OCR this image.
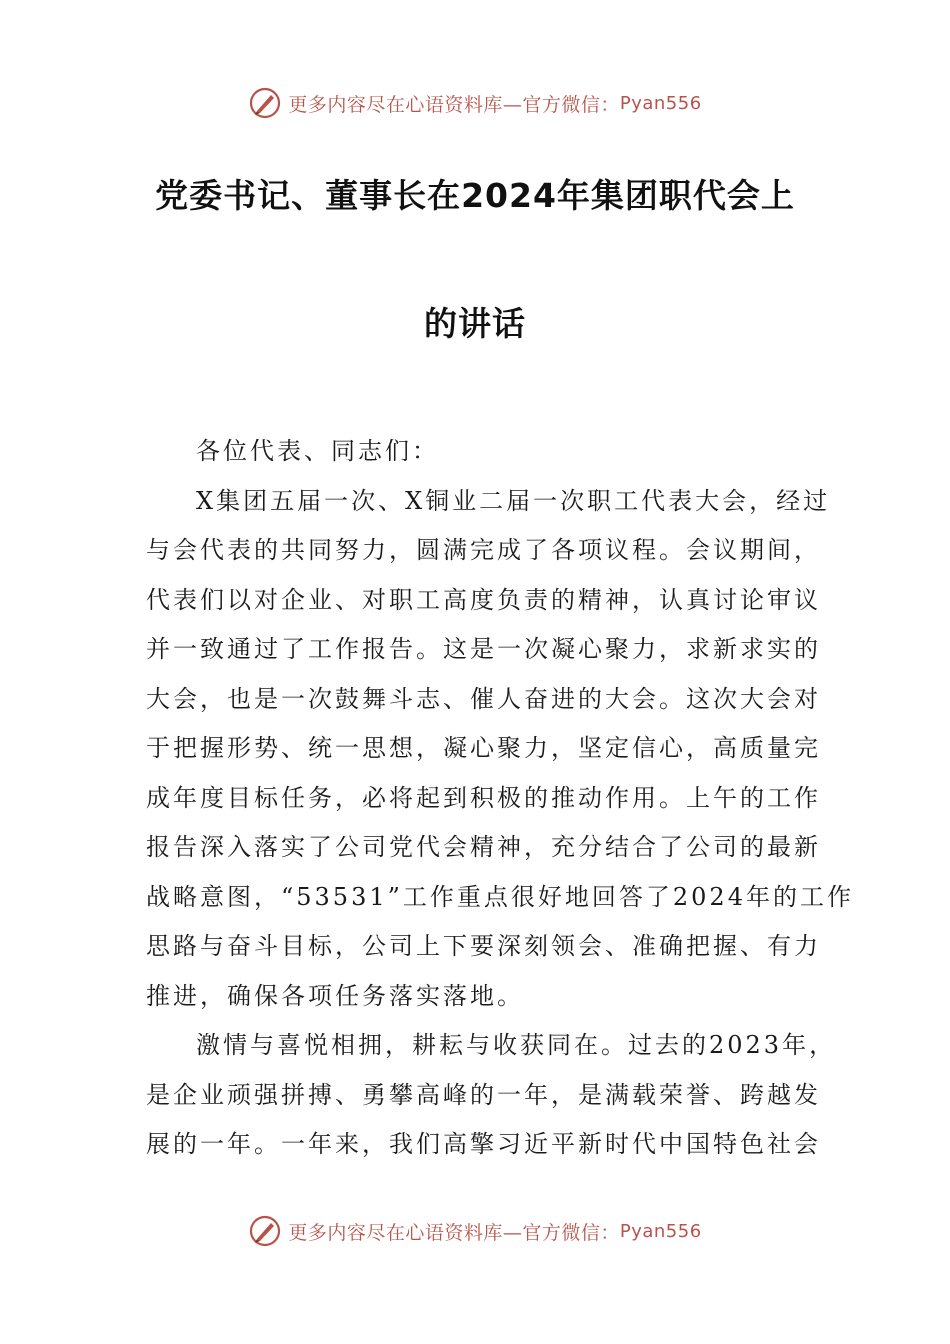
更多内容尽在心语资料库—官方微信： Pyan556
党委书记、董事长在2024年集团职代会上
的讲话
各位代表、同志们：
X集团五届一次、X铜业二届一次职工代表大会，经过
与会代表的共同努力，圆满完成了各项议程。会议期间，
代表们以对企业、对职工高度负责的精神，认真讨论审议
并一致通过了工作报告。这是一次凝心聚力，求新求实的
大会，也是一次鼓舞斗志、催人奋进的大会。这次大会对
于把握形势、统一思想，凝心聚力，坚定信心，高质量完
成年度目标任务，必将起到积极的推动作用。上午的工作
报告深入落实了公司党代会精神，充分结合了公司的最新
战略意图，“53531”工作重点很好地回答了2024年的工作
思路与奋斗目标，公司上下要深刻领会、准确把握、有力
推进，确保各项任务落实落地。
激情与喜悦相拥，耕耘与收获同在。过去的2023年，
是企业顽强拼搏、勇攀高峰的一年，是满载荣誉、跨越发
展的一年。一年来，我们高擎习近平新时代中国特色社会
更多内容尽在心语资料库—官方微信： Pyan556
